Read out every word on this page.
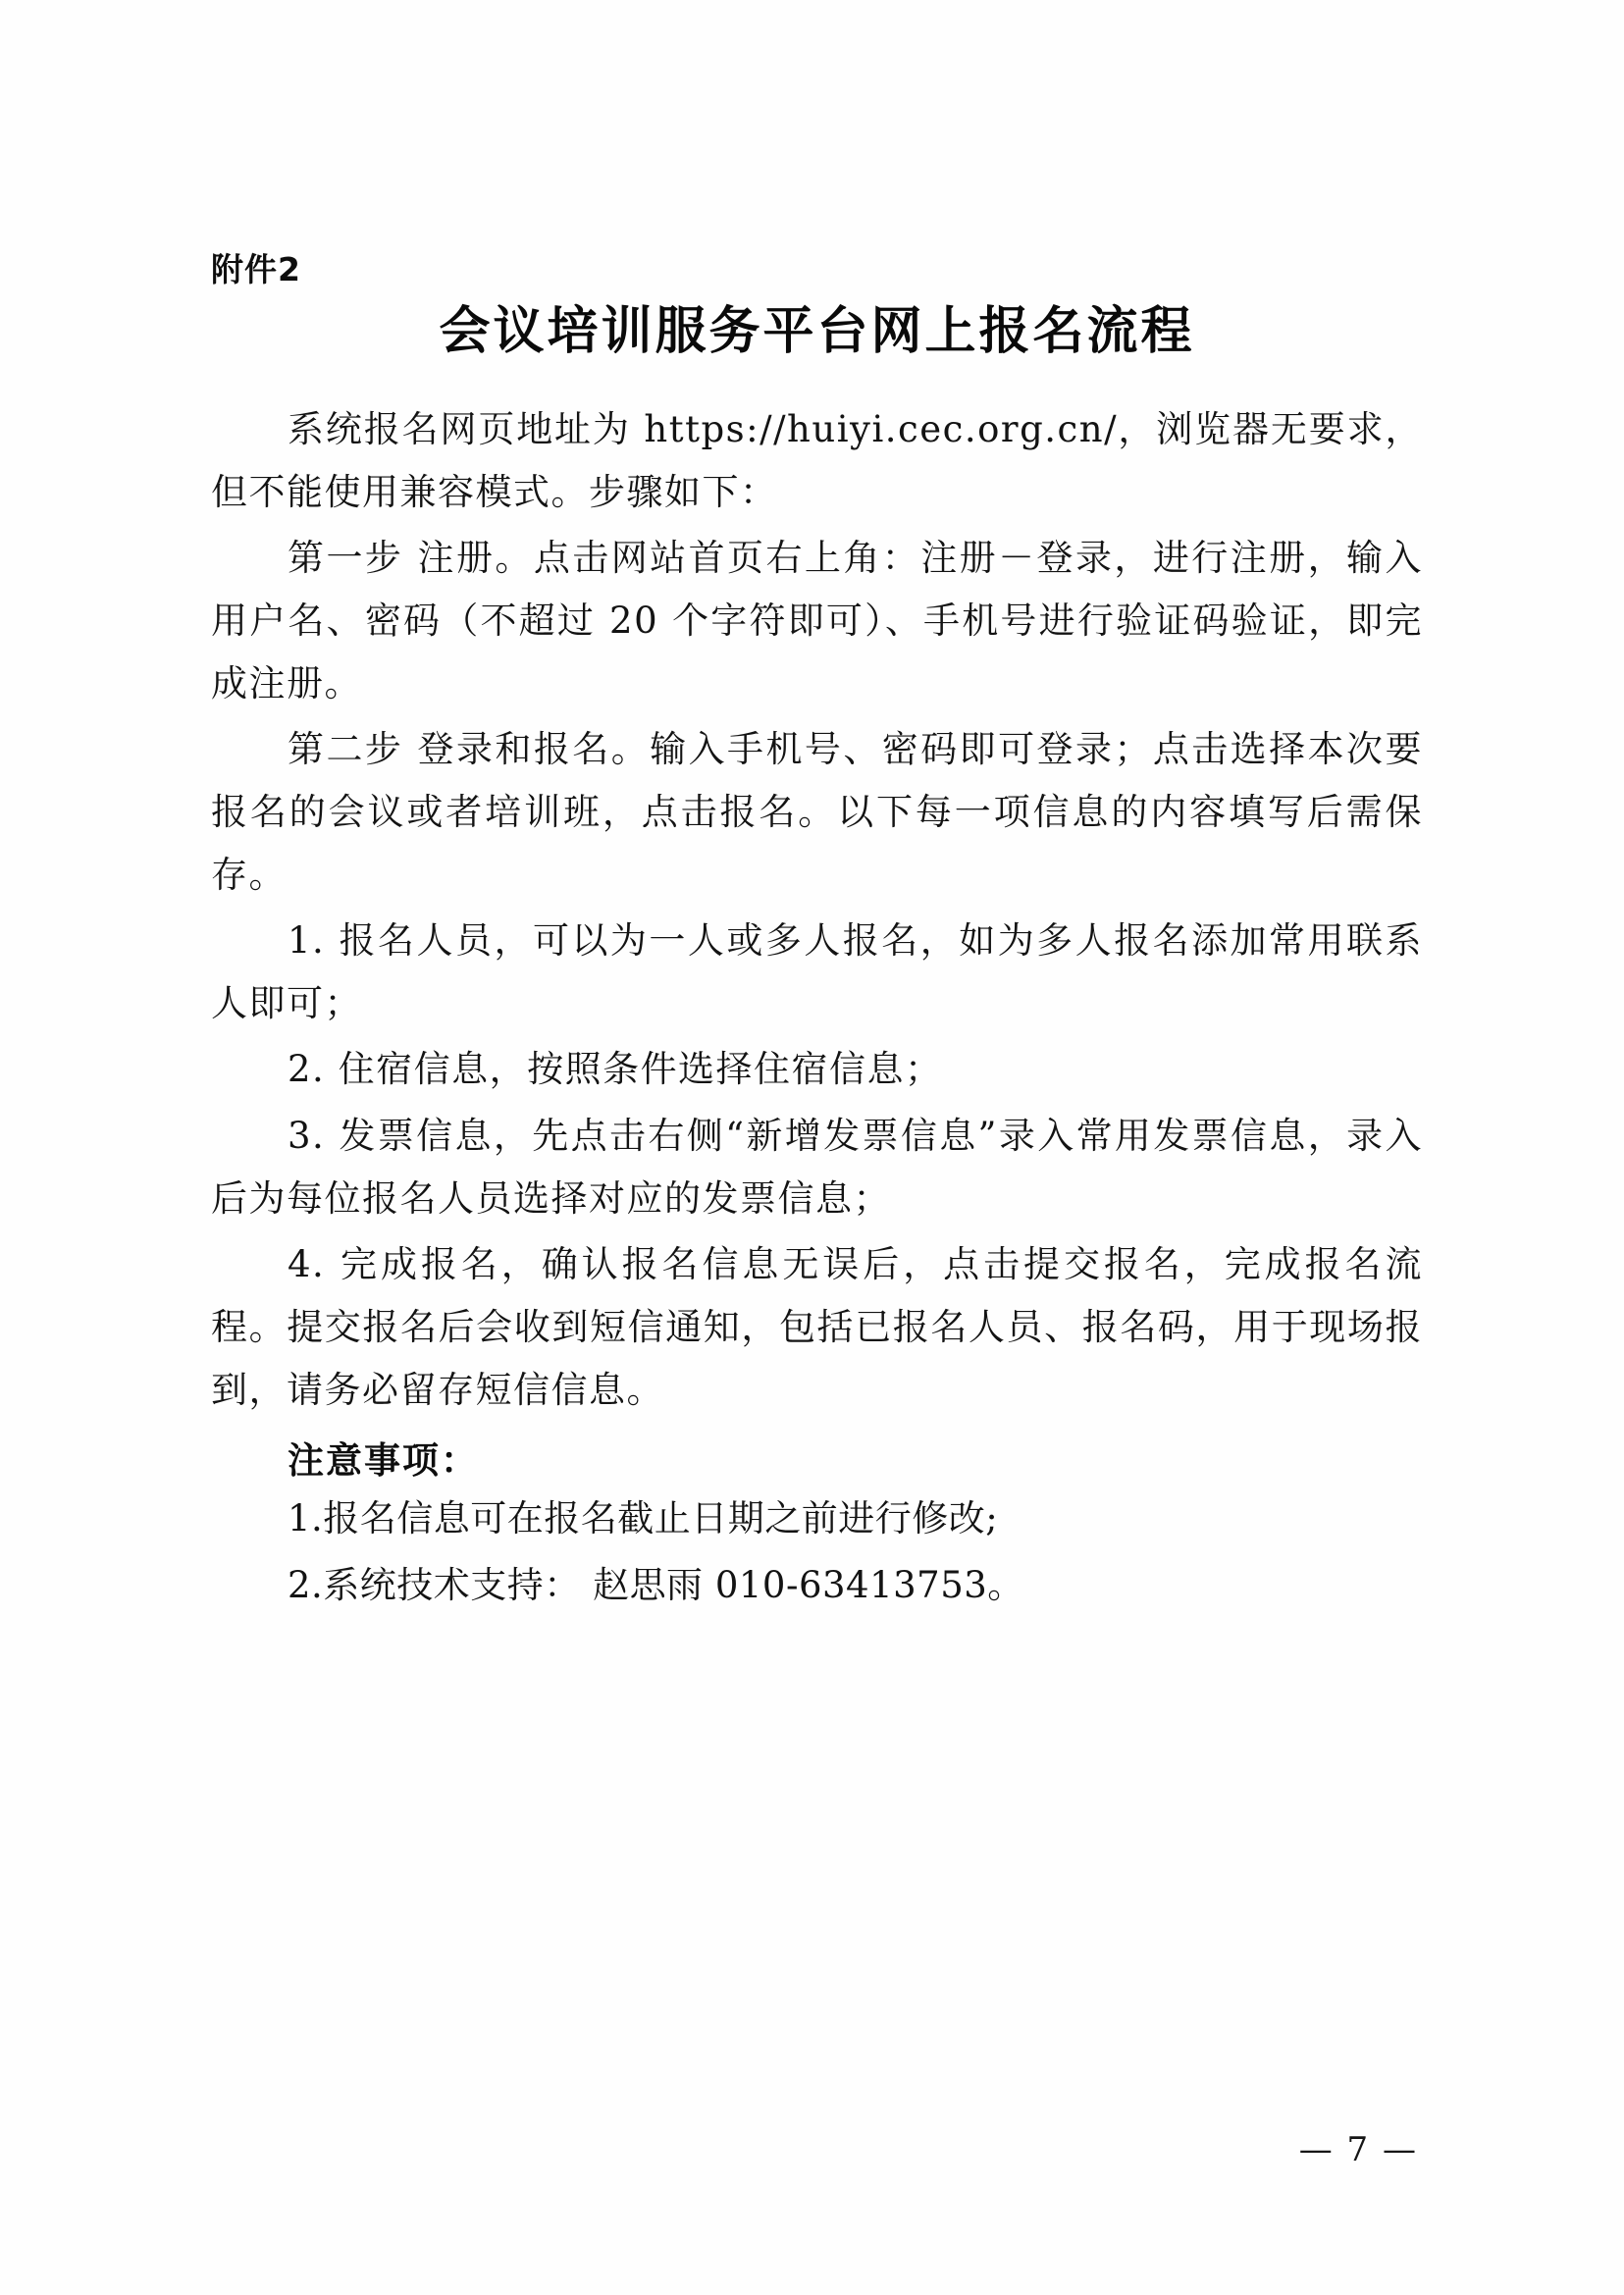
附件2
会议培训服务平台网上报名流程

系统报名网页地址为 https://huiyi.cec.org.cn/，浏览器无要求，但不能使用兼容模式。步骤如下：

第一步 注册。点击网站首页右上角：注册－登录，进行注册，输入用户名、密码（不超过 20 个字符即可）、手机号进行验证码验证，即完成注册。

第二步 登录和报名。输入手机号、密码即可登录；点击选择本次要报名的会议或者培训班，点击报名。以下每一项信息的内容填写后需保存。

1. 报名人员，可以为一人或多人报名，如为多人报名添加常用联系人即可；

2. 住宿信息，按照条件选择住宿信息；

3. 发票信息，先点击右侧“新增发票信息”录入常用发票信息，录入后为每位报名人员选择对应的发票信息；

4. 完成报名，确认报名信息无误后，点击提交报名，完成报名流程。提交报名后会收到短信通知，包括已报名人员、报名码，用于现场报到，请务必留存短信信息。

注意事项：

1.报名信息可在报名截止日期之前进行修改;

2.系统技术支持： 赵思雨 010-63413753。

— 7 —
